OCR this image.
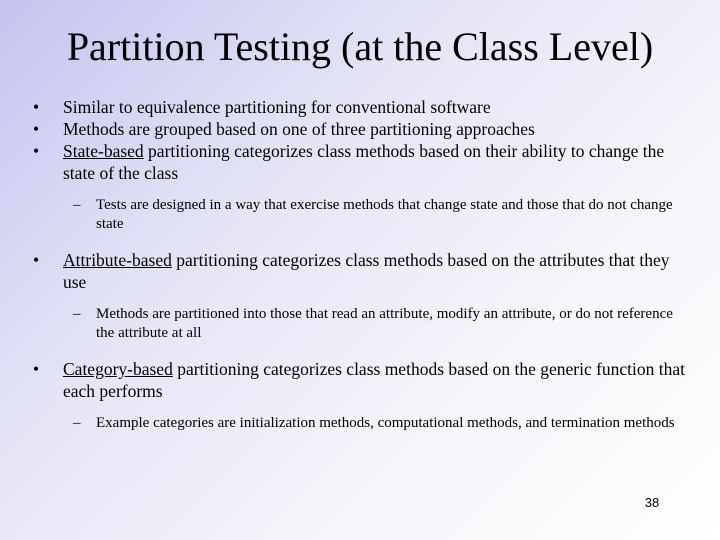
Partition Testing (at the Class Level)
• Similar to equivalence partitioning for conventional software
• Methods are grouped based on one of three partitioning approaches
• State-based partitioning categorizes class methods based on their ability to change the state of the class
– Tests are designed in a way that exercise methods that change state and those that do not change state
• Attribute-based partitioning categorizes class methods based on the attributes that they use
– Methods are partitioned into those that read an attribute, modify an attribute, or do not reference the attribute at all
• Category-based partitioning categorizes class methods based on the generic function that each performs
– Example categories are initialization methods, computational methods, and termination methods
38
